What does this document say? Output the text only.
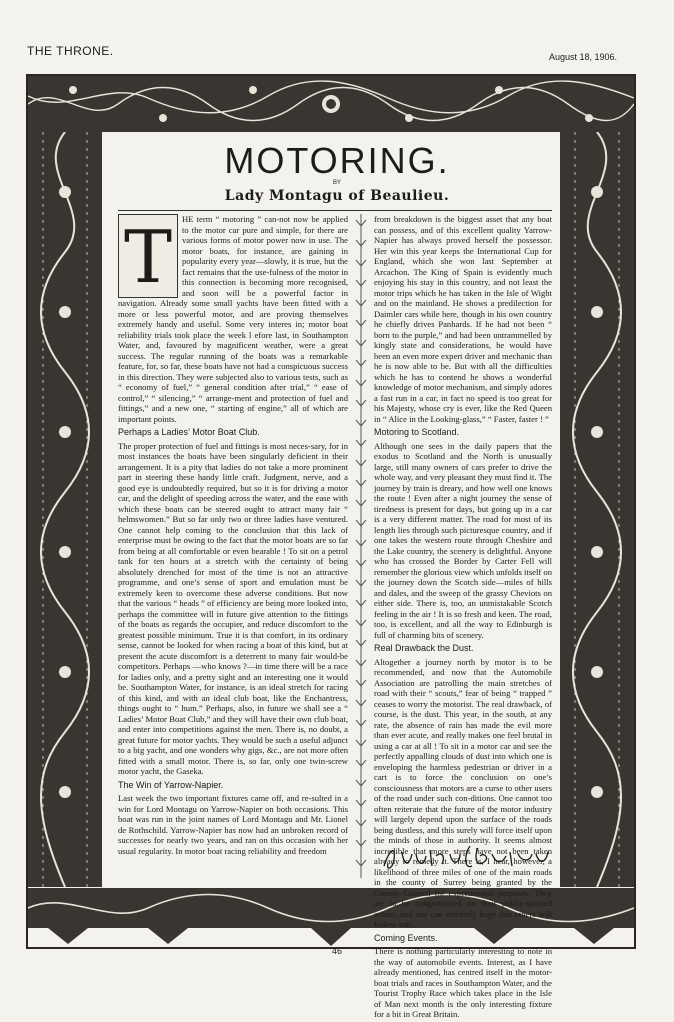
THE THRONE.	August 18, 1906.
MOTORING.
BY
Lady Montagu of Beaulieu.
T	HE term “ motoring ” can-not now be applied to the motor car pure and simple, for there are various forms of motor power now in use. The motor boats, for instance, are gaining in popularity every year—slowly, it is true, but the fact remains that the use-fulness of the motor in this connection is becoming more recognised, and soon will be a powerful factor in navigation. Already some small yachts have been fitted with a more or less powerful motor, and are proving themselves extremely handy and useful. Some very interes in; motor boat reliability trials took place the week l efore last, in Southampton Water, and, favoured by magnificent weather, were a great success. The regular running of the boats was a remarkable feature, for, so far, these boats have not had a conspicuous success in this direction. They were subjected also to various tests, such as “ economy of fuel,” “ general condition after trial,” “ ease of control,” “ silencing,” “ arrange-ment and protection of fuel and fittings,” and a new one, “ starting of engine,” all of which are important points.

Perhaps a Ladies’ Motor Boat Club.

The proper protection of fuel and fittings is most neces-sary, for in most instances the boats have been singularly deficient in their arrangement. It is a pity that ladies do not take a more prominent part in steering these handy little craft. Judgment, nerve, and a good eye is undoubtedly required, but so it is for driving a motor car, and the delight of speeding across the water, and the ease with which these boats can be steered ought to attract many fair “ helmswomen.” But so far only two or three ladies have ventured. One cannot help coming to the conclusion that this lack of enterprise must be owing to the fact that the motor boats are so far from being at all comfortable or even bearable ! To sit on a petrol tank for ten hours at a stretch with the certainty of being absolutely drenched for most of the time is not an attractive programme, and one’s sense of sport and emulation must be extremely keen to overcome these adverse conditions. But now that the various “ heads ” of efficiency are being more looked into, perhaps the committee will in future give attention to the fittings of the boats as regards the occupier, and reduce discomfort to the greatest possible minimum. True it is that comfort, in its ordinary sense, cannot be looked for when racing a boat of this kind, but at present the acute discomfort is a deterrent to many fair would-be competitors. Perhaps —who knows ?—in time there will be a race for ladies only, and a pretty sight and an interesting one it would be. Southampton Water, for instance, is an ideal stretch for racing of this kind, and with an ideal club boat, like the Enchantress, things ought to “ hum.” Perhaps, also, in future we shall see a “ Ladies’ Motor Boat Club,” and they will have their own club boat, and enter into competitions against the men. There is, no doubt, a great future for motor yachts. They would be such a useful adjunct to a big yacht, and one wonders why gigs, &c., are not more often fitted with a small motor. There is, so far, only one twin-screw motor yacht, the Gaseka.

The Win of Yarrow-Napier.

Last week the two important fixtures came off, and re-sulted in a win for Lord Montagu on Yarrow-Napier on both occasions. This boat was run in the joint names of Lord Montagu and Mr. Lionel de Rothschild. Yarrow-Napier has now had an unbroken record of successes for nearly two years, and ran on this occasion with her usual regularity. In motor boat racing reliability and freedom

from breakdown is the biggest asset that any boat can possess, and of this excellent quality Yarrow-Napier has always proved herself the possessor. Her win this year keeps the International Cup for England, which she won last September at Arcachon. The King of Spain is evidently much enjoying his stay in this country, and not least the motor trips which he has taken in the Isle of Wight and on the mainland. He shows a predilection for Daimler cars while here, though in his own country he chiefly drives Panhards. If he had not been “ born to the purple,” and had been untrammelled by kingly state and considerations, he would have been an even more expert driver and mechanic than he is now able to be. But with all the difficulties which he has to contend he shows a wonderful knowledge of motor mechanism, and simply adores a fast run in a car, in fact no speed is too great for his Majesty, whose cry is ever, like the Red Queen in “ Alice in the Looking-glass,” “ Faster, faster ! ”

Motoring to Scotland.

Although one sees in the daily papers that the exodus to Scotland and the North is unusually large, still many owners of cars prefer to drive the whole way, and very pleasant they must find it. The journey by train is dreary, and how well one knows the route ! Even after a night journey the sense of tiredness is present for days, but going up in a car is a very different matter. The road for most of its length lies through such picturesque country, and if one takes the western route through Cheshire and the Lake country, the scenery is delightful. Anyone who has crossed the Border by Carter Fell will remember the glorious view which unfolds itself on the journey down the Scotch side—miles of hills and dales, and the sweep of the grassy Cheviots on either side. There is, too, an unmistakable Scotch feeling in the air ! It is so fresh and keen. The road, too, is excellent, and all the way to Edinburgh is full of charming bits of scenery.

Real Drawback the Dust.

Altogether a journey north by motor is to be recommended, and now that the Automobile Association are patrolling the main stretches of road with their “ scouts,” fear of being “ trapped ” ceases to worry the motorist. The real drawback, of course, is the dust. This year, in the south, at any rate, the absence of rain has made the evil more than ever acute, and really makes one feel brutal in using a car at all ! To sit in a motor car and see the perfectly appalling clouds of dust into which one is enveloping the harmless pedestrian or driver in a cart is to force the conclusion on one’s consciousness that motors are a curse to other users of the road under such con-ditions. One cannot too often reiterate that the future of the motor industry will largely depend upon the surface of the roads being dustless, and this surely will force itself upon the minds of those in authority. It seems almost incredible that more steps have not been taken already to remedy it. There is, I hear, however, a likelihood of three miles of one of the main roads in the county of Surrey being granted by the County Council for experimental purposes. They are to be congratulated on their public-spirited action, and one can sincerely hope that others will follow suit.

Coming Events.

There is nothing particularly interesting to note in the way of automobile events. Interest, as I have already mentioned, has centred itself in the motor-boat trials and races in Southampton Water, and the Tourist Trophy Race which takes place in the Isle of Man next month is the only interesting fixture for a bit in Great Britain.

46
